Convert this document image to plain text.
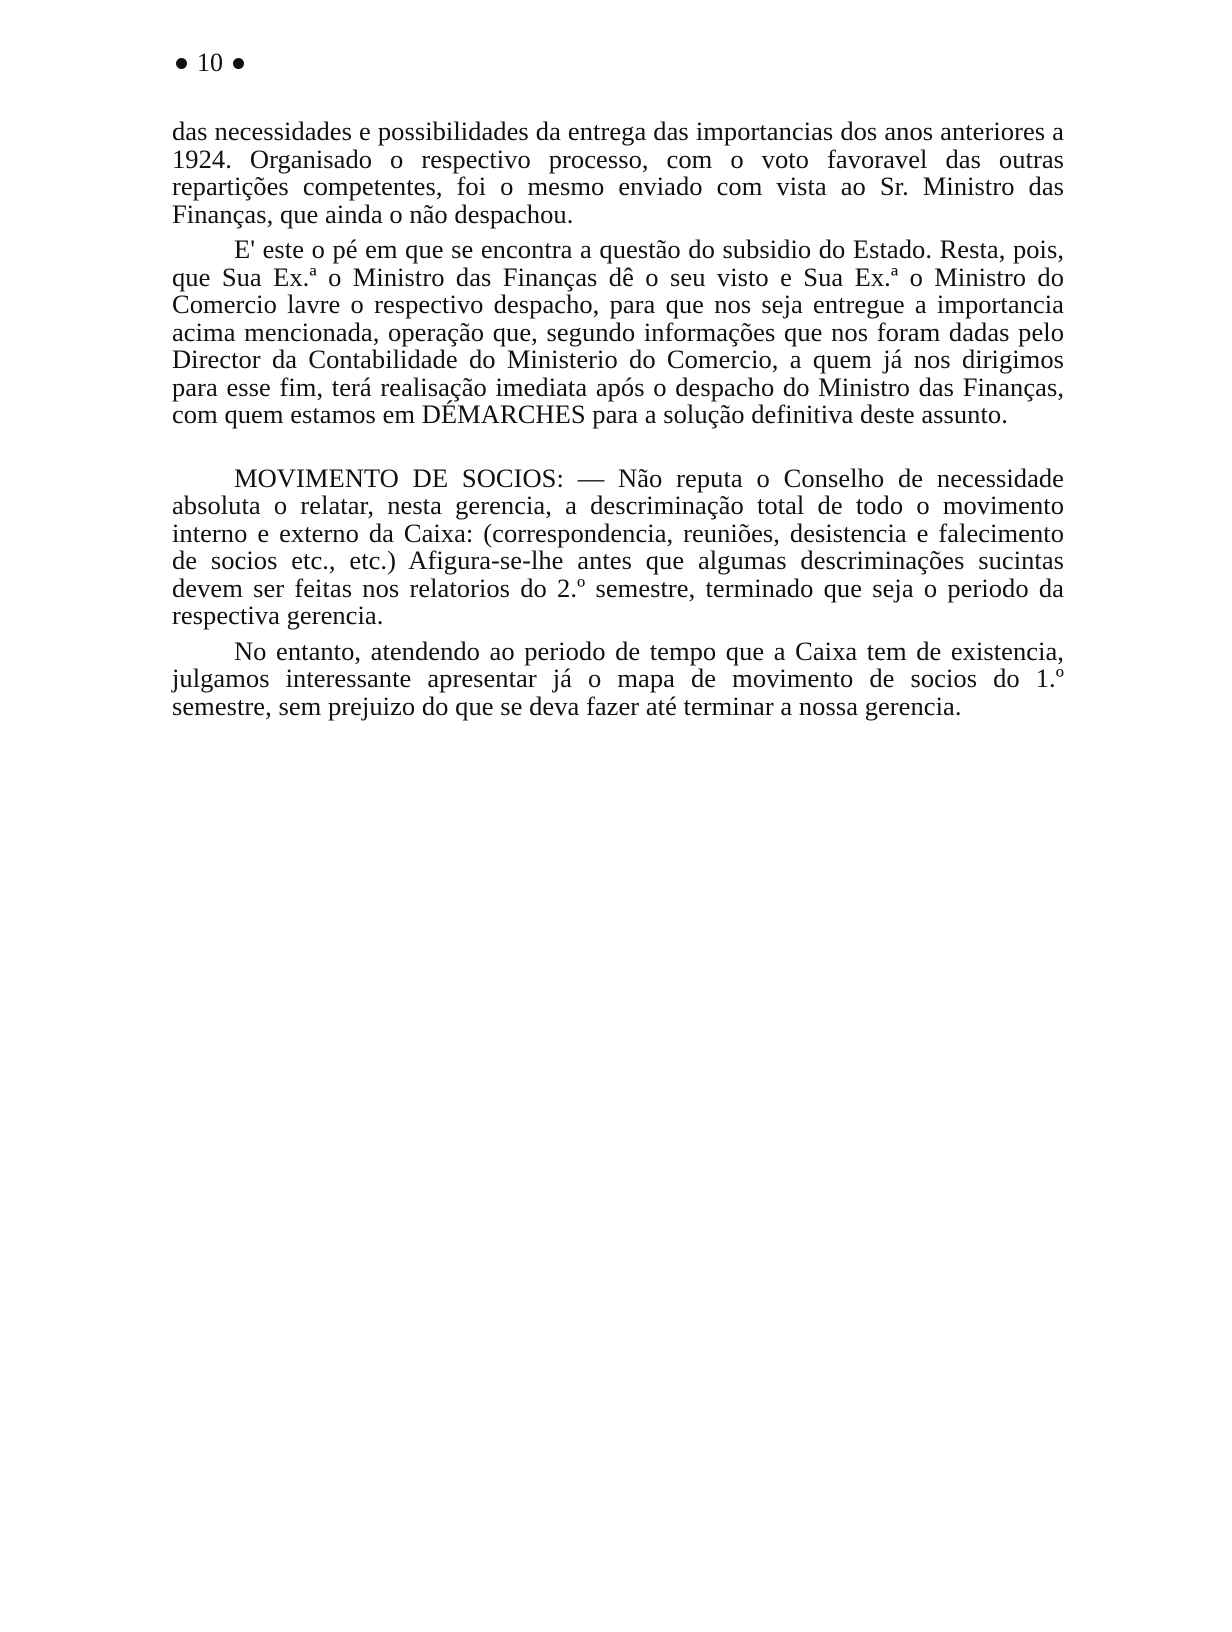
10

das necessidades e possibilidades da entrega das importancias dos anos anteriores a 1924. Organisado o respectivo processo, com o voto favoravel das outras repartições competentes, foi o mesmo enviado com vista ao Sr. Ministro das Finanças, que ainda o não despachou.

E' este o pé em que se encontra a questão do subsidio do Estado. Resta, pois, que Sua Ex.ª o Ministro das Finanças dê o seu visto e Sua Ex.ª o Ministro do Comercio lavre o respectivo despacho, para que nos seja entregue a importancia acima mencionada, operação que, segundo informações que nos foram dadas pelo Director da Contabilidade do Ministerio do Comercio, a quem já nos dirigimos para esse fim, terá realisação imediata após o despacho do Ministro das Finanças, com quem estamos em DÉMARCHES para a solução definitiva deste assunto.

MOVIMENTO DE SOCIOS: — Não reputa o Conselho de necessidade absoluta o relatar, nesta gerencia, a descriminação total de todo o movimento interno e externo da Caixa: (correspondencia, reuniões, desistencia e falecimento de socios etc., etc.) Afigura-se-lhe antes que algumas descriminações sucintas devem ser feitas nos relatorios do 2.º semestre, terminado que seja o periodo da respectiva gerencia.

No entanto, atendendo ao periodo de tempo que a Caixa tem de existencia, julgamos interessante apresentar já o mapa de movimento de socios do 1.º semestre, sem prejuizo do que se deva fazer até terminar a nossa gerencia.
